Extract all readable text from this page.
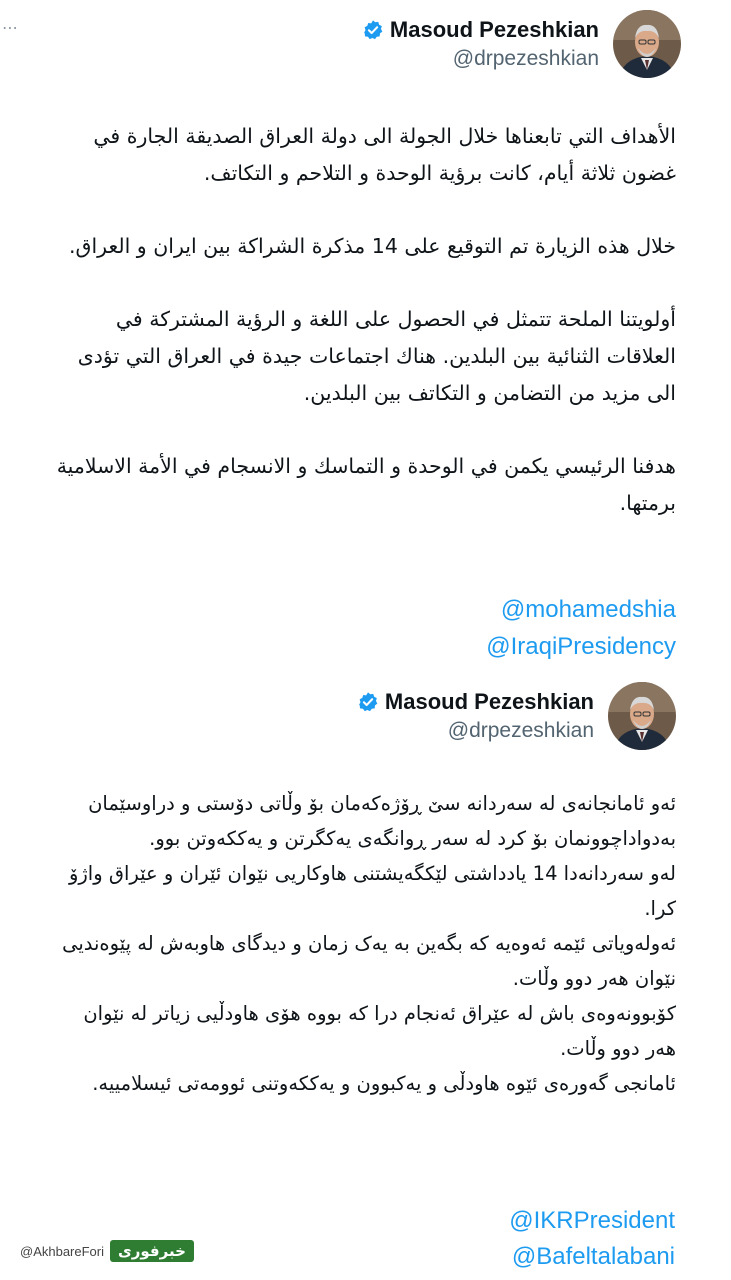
⋯	Masoud Pezeshkian
@drpezeshkian

الأهداف التي تابعناها خلال الجولة الى دولة العراق الصديقة الجارة في غضون ثلاثة أيام، كانت برؤية الوحدة و التلاحم و التكاتف.

خلال هذه الزيارة تم التوقيع على 14 مذكرة الشراكة بين ايران و العراق.

أولويتنا الملحة تتمثل في الحصول على اللغة و الرؤية المشتركة في العلاقات الثنائية بين البلدين. هناك اجتماعات جيدة في العراق التي تؤدى الى مزيد من التضامن و التكاتف بين البلدين.

هدفنا الرئيسي يكمن في الوحدة و التماسك و الانسجام في الأمة الاسلامية برمتها.

@mohamedshia
@IraqiPresidency
Masoud Pezeshkian
@drpezeshkian

ئەو ئامانجانەی لە سەردانە سێ ڕۆژەکەمان بۆ وڵاتی دۆستی و دراوسێمان بەدواداچوونمان بۆ کرد لە سەر ڕوانگەی یەکگرتن و یەککەوتن بوو.

لەو سەردانەدا 14 یادداشتی لێکگەیشتنی هاوکاریی نێوان ئێران و عێراق واژۆ کرا.

ئەولەویاتی ئێمە ئەوەیە کە بگەین بە یەک زمان و دیدگای هاوبەش لە پێوەندیی نێوان هەر دوو وڵات.

کۆبوونەوەی باش لە عێراق ئەنجام درا کە بووە هۆی هاودڵیی زیاتر لە نێوان هەر دوو وڵات.

ئامانجی گەورەی ئێوە هاودڵی و یەکبوون و یەککەوتنی ئوومەتی ئیسلامییە.

@IKRPresident
@Bafeltalabani
@AkhbareFori خبرفوری
